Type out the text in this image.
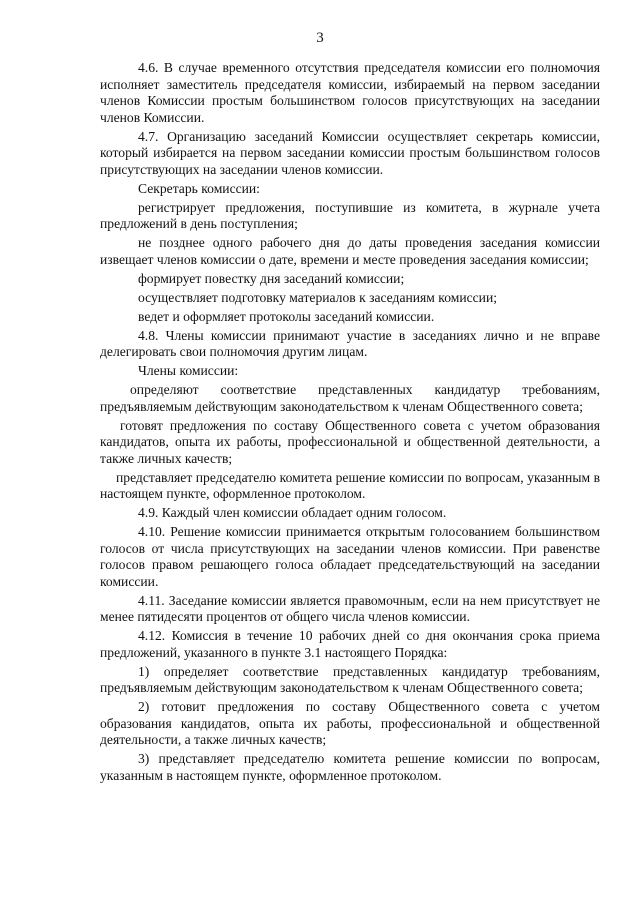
3

4.6. В случае временного отсутствия председателя комиссии его полномочия исполняет заместитель председателя комиссии, избираемый на первом заседании членов Комиссии простым большинством голосов присутствующих на заседании членов Комиссии.

4.7. Организацию заседаний Комиссии осуществляет секретарь комиссии, который избирается на первом заседании комиссии простым большинством голосов присутствующих на заседании членов комиссии.

Секретарь комиссии:

регистрирует предложения, поступившие из комитета, в журнале учета предложений в день поступления;

не позднее одного рабочего дня до даты проведения заседания комиссии извещает членов комиссии о дате, времени и месте проведения заседания комиссии;

формирует повестку дня заседаний комиссии;

осуществляет подготовку материалов к заседаниям комиссии;

ведет и оформляет протоколы заседаний комиссии.

4.8. Члены комиссии принимают участие в заседаниях лично и не вправе делегировать свои полномочия другим лицам.

Члены комиссии:

определяют соответствие представленных кандидатур требованиям, предъявляемым действующим законодательством к членам Общественного совета;

готовят предложения по составу Общественного совета с учетом образования кандидатов, опыта их работы, профессиональной и общественной деятельности, а также личных качеств;

представляет председателю комитета решение комиссии по вопросам, указанным в настоящем пункте, оформленное протоколом.

4.9. Каждый член комиссии обладает одним голосом.

4.10. Решение комиссии принимается открытым голосованием большинством голосов от числа присутствующих на заседании членов комиссии. При равенстве голосов правом решающего голоса обладает председательствующий на заседании комиссии.

4.11. Заседание комиссии является правомочным, если на нем присутствует не менее пятидесяти процентов от общего числа членов комиссии.

4.12. Комиссия в течение 10 рабочих дней со дня окончания срока приема предложений, указанного в пункте 3.1 настоящего Порядка:

1) определяет соответствие представленных кандидатур требованиям, предъявляемым действующим законодательством к членам Общественного совета;

2) готовит предложения по составу Общественного совета с учетом образования кандидатов, опыта их работы, профессиональной и общественной деятельности, а также личных качеств;

3) представляет председателю комитета решение комиссии по вопросам, указанным в настоящем пункте, оформленное протоколом.
